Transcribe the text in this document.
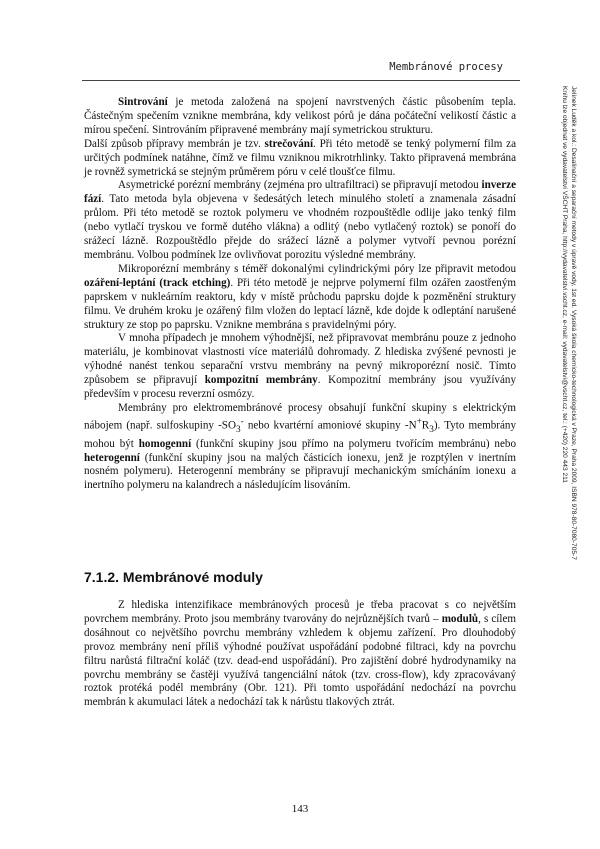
Membránové procesy
Jelínek Luděk a kol.: Desalinační a separační metody v úpravě vody, 1st ed. Vysoká škola chemicko-technologická v Praze, Praha 2009, ISBN 978-80-7080-705-7
Knihu lze objednat ve vydavatelství VŠCHT Praha, http://vydavatelstvi.vscht.cz, e-mail: vydavatelstvi@vscht.cz, tel.: (+420) 220 443 211

Sintrování je metoda založená na spojení navrstvených částic působením tepla. Částečným spečením vznikne membrána, kdy velikost pórů je dána počáteční velikostí částic a mírou spečení. Sintrováním připravené membrány mají symetrickou strukturu.

Další způsob přípravy membrán je tzv. strečování. Při této metodě se tenký polymerní film za určitých podmínek natáhne, čímž ve filmu vzniknou mikrotrhlinky. Takto připravená membrána je rovněž symetrická se stejným průměrem póru v celé tloušťce filmu.

Asymetrické porézní membrány (zejména pro ultrafiltraci) se připravují metodou inverze fází. Tato metoda byla objevena v šedesátých letech minulého století a znamenala zásadní průlom. Při této metodě se roztok polymeru ve vhodném rozpouštědle odlije jako tenký film (nebo vytlačí tryskou ve formě dutého vlákna) a odlitý (nebo vytlačený roztok) se ponoří do srážecí lázně. Rozpouštědlo přejde do srážecí lázně a polymer vytvoří pevnou porézní membránu. Volbou podmínek lze ovlivňovat porozitu výsledné membrány.

Mikroporézní membrány s téměř dokonalými cylindrickými póry lze připravit metodou ozáření-leptání (track etching). Při této metodě je nejprve polymerní film ozářen zaostřeným paprskem v nukleárním reaktoru, kdy v místě průchodu paprsku dojde k pozměnění struktury filmu. Ve druhém kroku je ozářený film vložen do leptací lázně, kde dojde k odleptání narušené struktury ze stop po paprsku. Vznikne membrána s pravidelnými póry.

V mnoha případech je mnohem výhodnější, než připravovat membránu pouze z jednoho materiálu, je kombinovat vlastnosti více materiálů dohromady. Z hlediska zvýšené pevnosti je výhodné nanést tenkou separační vrstvu membrány na pevný mikroporézní nosič. Tímto způsobem se připravují kompozitní membrány. Kompozitní membrány jsou využívány především v procesu reverzní osmózy.

Membrány pro elektromembránové procesy obsahují funkční skupiny s elektrickým nábojem (např. sulfoskupiny $-SO_3^-$ nebo kvartérní amoniové skupiny $-N^+R_3$). Tyto membrány mohou být homogenní (funkční skupiny jsou přímo na polymeru tvořícím membránu) nebo heterogenní (funkční skupiny jsou na malých částicích ionexu, jenž je rozptýlen v inertním nosném polymeru). Heterogenní membrány se připravují mechanickým smícháním ionexu a inertního polymeru na kalandrech a následujícím lisováním.

7.1.2. Membránové moduly

Z hlediska intenzifikace membránových procesů je třeba pracovat s co největším povrchem membrány. Proto jsou membrány tvarovány do nejrůznějších tvarů – modulů, s cílem dosáhnout co největšího povrchu membrány vzhledem k objemu zařízení. Pro dlouhodobý provoz membrány není příliš výhodné používat uspořádání podobné filtraci, kdy na povrchu filtru narůstá filtrační koláč (tzv. dead-end uspořádání). Pro zajištění dobré hydrodynamiky na povrchu membrány se častěji využívá tangenciální nátok (tzv. cross-flow), kdy zpracovávaný roztok protéká podél membrány (Obr. 121). Při tomto uspořádání nedochází na povrchu membrán k akumulaci látek a nedochází tak k nárůstu tlakových ztrát.

143
